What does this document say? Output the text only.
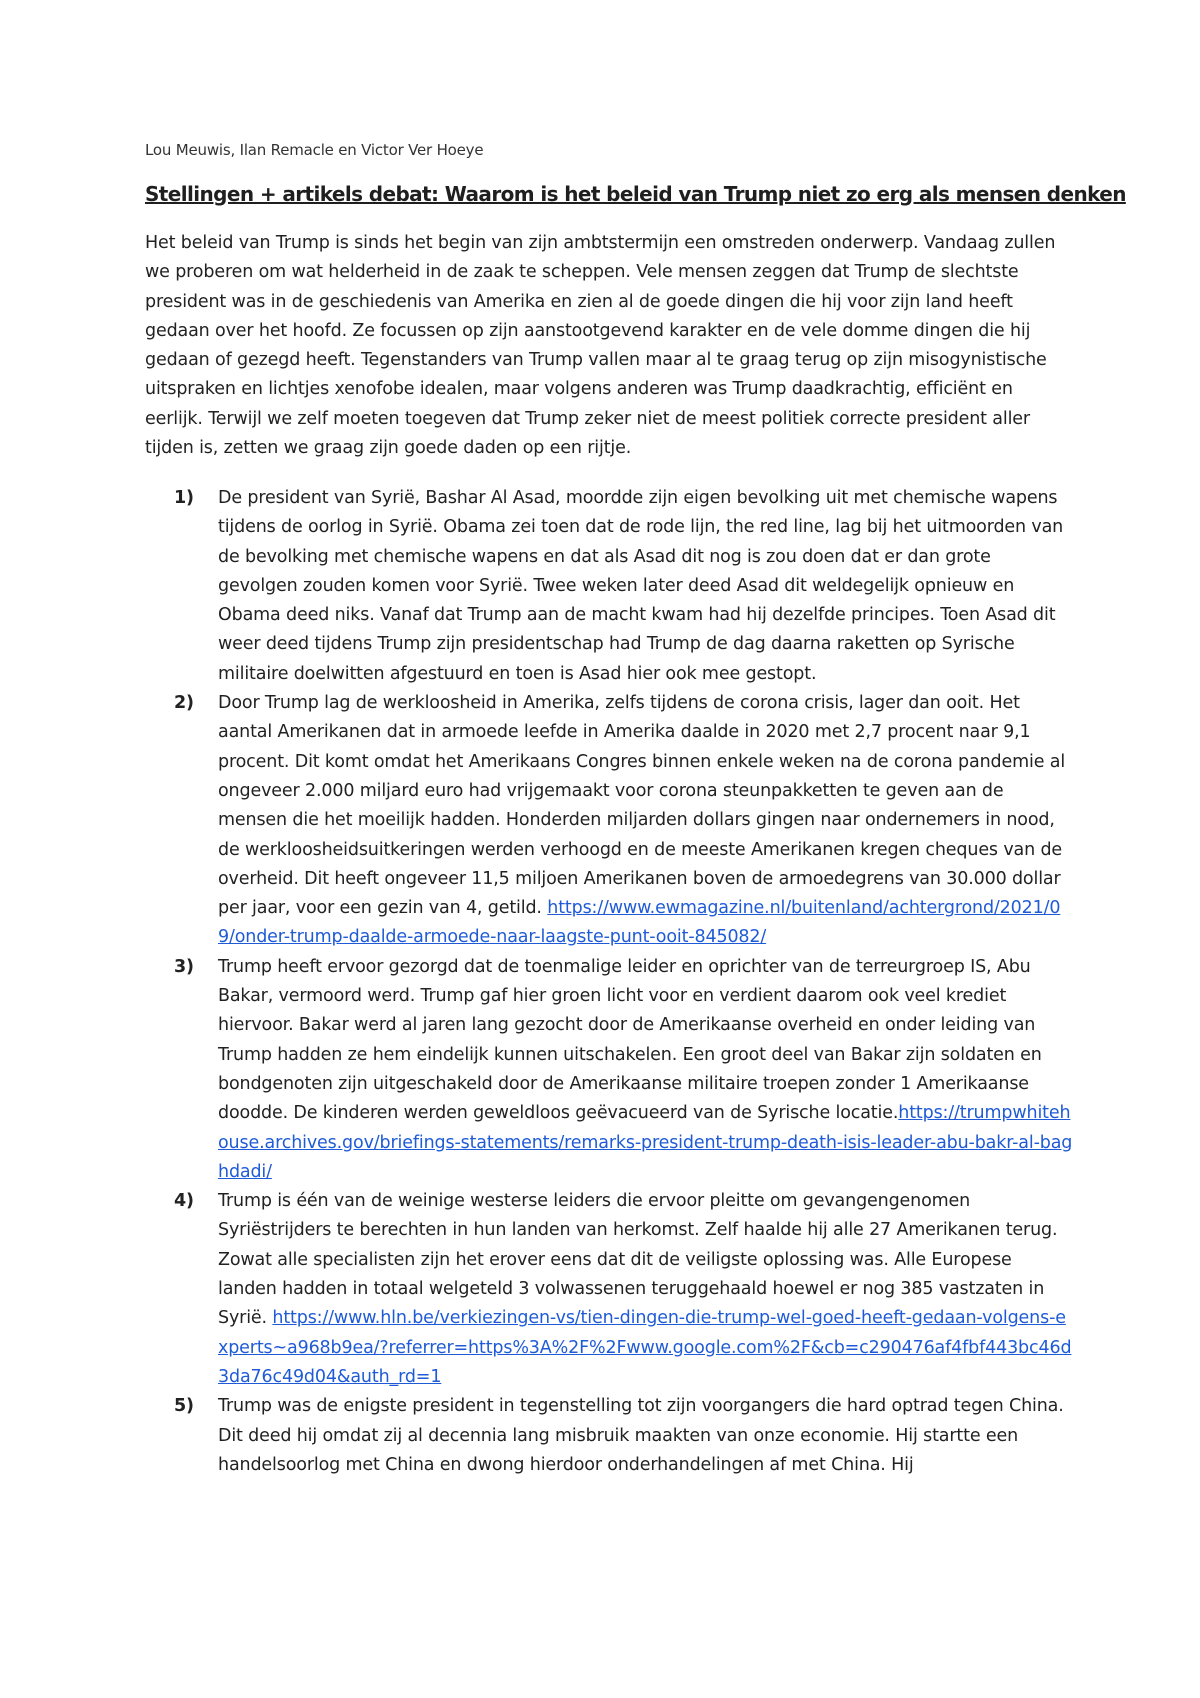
Lou Meuwis, Ilan Remacle en Victor Ver Hoeye
Stellingen + artikels debat: Waarom is het beleid van Trump niet zo erg als mensen denken

Het beleid van Trump is sinds het begin van zijn ambtstermijn een omstreden onderwerp. Vandaag zullen we proberen om wat helderheid in de zaak te scheppen. Vele mensen zeggen dat Trump de slechtste president was in de geschiedenis van Amerika en zien al de goede dingen die hij voor zijn land heeft gedaan over het hoofd. Ze focussen op zijn aanstootgevend karakter en de vele domme dingen die hij gedaan of gezegd heeft. Tegenstanders van Trump vallen maar al te graag terug op zijn misogynistische uitspraken en lichtjes xenofobe idealen, maar volgens anderen was Trump daadkrachtig, efficiënt en eerlijk. Terwijl we zelf moeten toegeven dat Trump zeker niet de meest politiek correcte president aller tijden is, zetten we graag zijn goede daden op een rijtje.

1) De president van Syrië, Bashar Al Asad, moordde zijn eigen bevolking uit met chemische wapens tijdens de oorlog in Syrië. Obama zei toen dat de rode lijn, the red line, lag bij het uitmoorden van de bevolking met chemische wapens en dat als Asad dit nog is zou doen dat er dan grote gevolgen zouden komen voor Syrië. Twee weken later deed Asad dit weldegelijk opnieuw en Obama deed niks. Vanaf dat Trump aan de macht kwam had hij dezelfde principes. Toen Asad dit weer deed tijdens Trump zijn presidentschap had Trump de dag daarna raketten op Syrische militaire doelwitten afgestuurd en toen is Asad hier ook mee gestopt.
2) Door Trump lag de werkloosheid in Amerika, zelfs tijdens de corona crisis, lager dan ooit. Het aantal Amerikanen dat in armoede leefde in Amerika daalde in 2020 met 2,7 procent naar 9,1 procent. Dit komt omdat het Amerikaans Congres binnen enkele weken na de corona pandemie al ongeveer 2.000 miljard euro had vrijgemaakt voor corona steunpakketten te geven aan de mensen die het moeilijk hadden. Honderden miljarden dollars gingen naar ondernemers in nood, de werkloosheidsuitkeringen werden verhoogd en de meeste Amerikanen kregen cheques van de overheid. Dit heeft ongeveer 11,5 miljoen Amerikanen boven de armoedegrens van 30.000 dollar per jaar, voor een gezin van 4, getild. https://www.ewmagazine.nl/buitenland/achtergrond/2021/09/onder-trump-daalde-armoede-naar-laagste-punt-ooit-845082/
3) Trump heeft ervoor gezorgd dat de toenmalige leider en oprichter van de terreurgroep IS, Abu Bakar, vermoord werd. Trump gaf hier groen licht voor en verdient daarom ook veel krediet hiervoor. Bakar werd al jaren lang gezocht door de Amerikaanse overheid en onder leiding van Trump hadden ze hem eindelijk kunnen uitschakelen. Een groot deel van Bakar zijn soldaten en bondgenoten zijn uitgeschakeld door de Amerikaanse militaire troepen zonder 1 Amerikaanse doodde. De kinderen werden geweldloos geëvacueerd van de Syrische locatie.https://trumpwhitehouse.archives.gov/briefings-statements/remarks-president-trump-death-isis-leader-abu-bakr-al-baghdadi/
4) Trump is één van de weinige westerse leiders die ervoor pleitte om gevangengenomen Syriëstrijders te berechten in hun landen van herkomst. Zelf haalde hij alle 27 Amerikanen terug. Zowat alle specialisten zijn het erover eens dat dit de veiligste oplossing was. Alle Europese landen hadden in totaal welgeteld 3 volwassenen teruggehaald hoewel er nog 385 vastzaten in Syrië. https://www.hln.be/verkiezingen-vs/tien-dingen-die-trump-wel-goed-heeft-gedaan-volgens-experts~a968b9ea/?referrer=https%3A%2F%2Fwww.google.com%2F&cb=c290476af4fbf443bc46d3da76c49d04&auth_rd=1
5) Trump was de enigste president in tegenstelling tot zijn voorgangers die hard optrad tegen China. Dit deed hij omdat zij al decennia lang misbruik maakten van onze economie. Hij startte een handelsoorlog met China en dwong hierdoor onderhandelingen af met China. Hij
